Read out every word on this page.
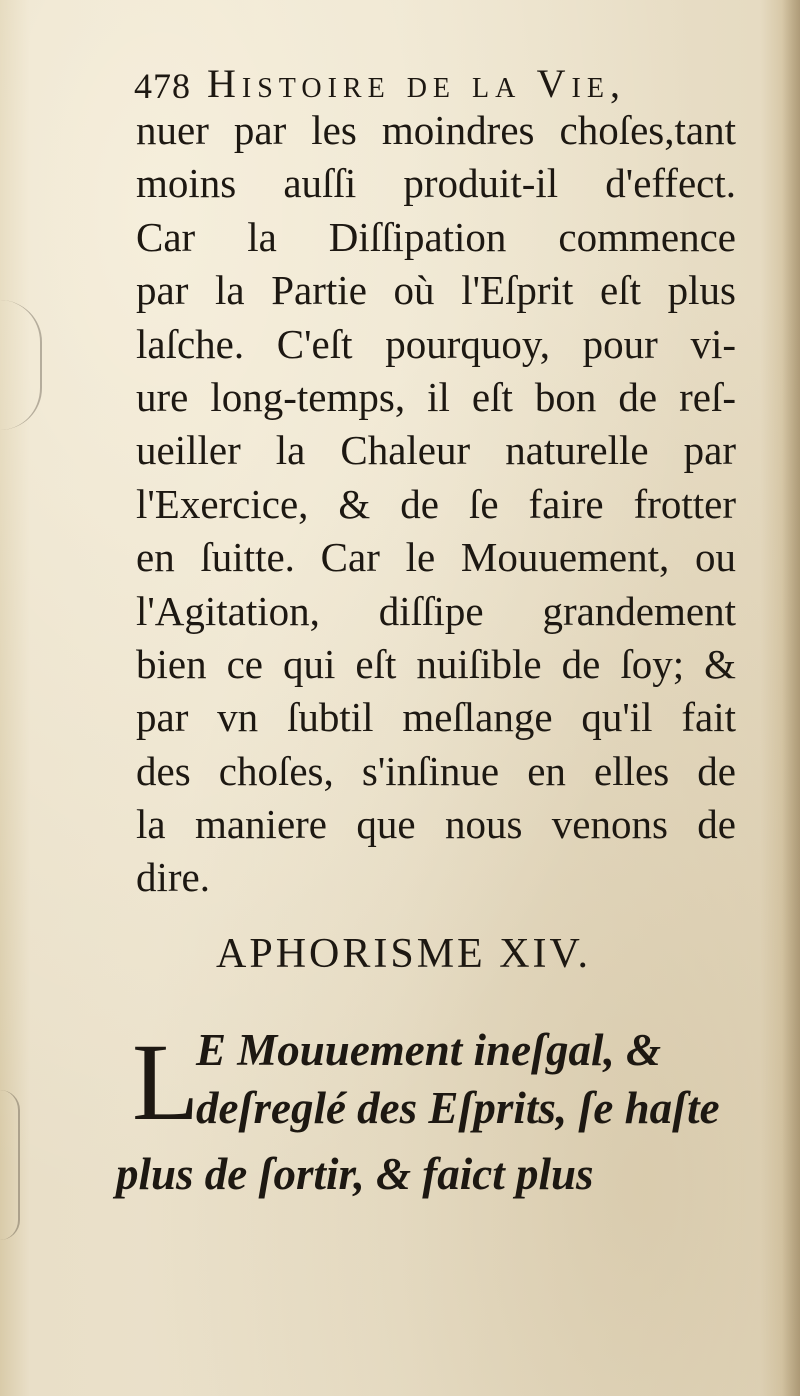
478 Histoire de la Vie,
nuer par les moindres choſes,tant
moins auſſi produit-il d'effect.
Car la Diſſipation commence
par la Partie où l'Eſprit eſt plus
laſche. C'eſt pourquoy, pour vi-
ure long-temps, il eſt bon de reſ-
ueiller la Chaleur naturelle par
l'Exercice, & de ſe faire frotter
en ſuitte. Car le Mouuement, ou
l'Agitation, diſſipe grandement
bien ce qui eſt nuiſible de ſoy; &
par vn ſubtil meſlange qu'il fait
des choſes, s'inſinue en elles de
la maniere que nous venons de
dire.
APHORISME XIV.
L
E Mouuement ineſgal, &
deſreglé des Eſprits, ſe haſte
plus de ſortir, & faict plus
